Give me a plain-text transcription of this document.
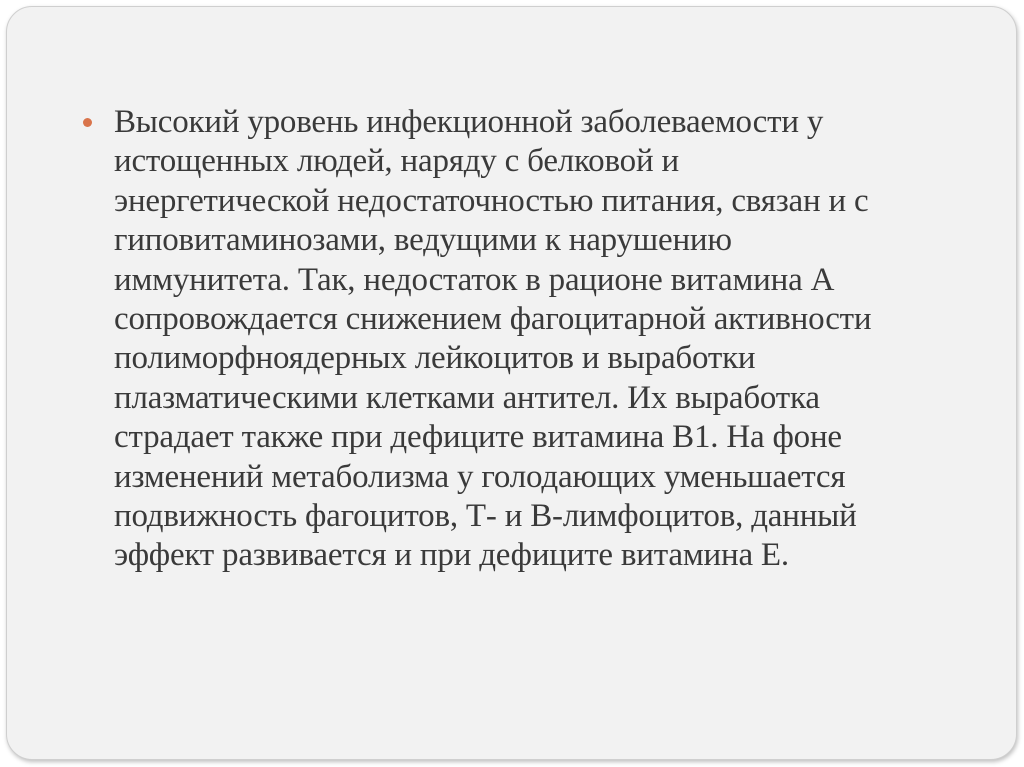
Высокий уровень инфекционной заболеваемости у
истощенных людей, наряду с белковой и
энергетической недостаточностью питания, связан и с
гиповитаминозами, ведущими к нарушению
иммунитета. Так, недостаток в рационе витамина А
сопровождается снижением фагоцитарной активности
полиморфноядерных лейкоцитов и выработки
плазматическими клетками антител. Их выработка
страдает также при дефиците витамина В1. На фоне
изменений метаболизма у голодающих уменьшается
подвижность фагоцитов, Т- и В-лимфоцитов, данный
эффект развивается и при дефиците витамина Е.
